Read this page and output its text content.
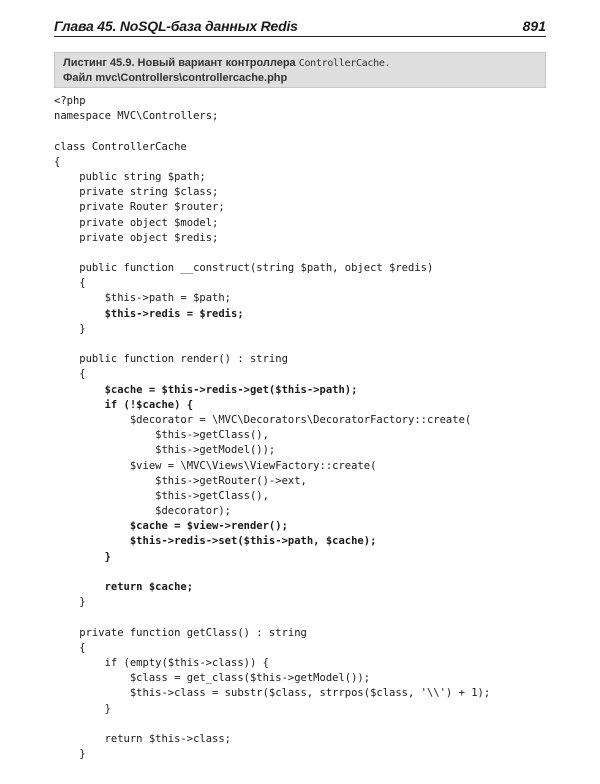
Глава 45. NoSQL-база данных Redis	891
Листинг 45.9. Новый вариант контроллера ControllerCache.
Файл mvc\Controllers\controllercache.php
<?php
namespace MVC\Controllers;
class ControllerCache
{
public string $path;
private string $class;
private Router $router;
private object $model;
private object $redis;
public function __construct(string $path, object $redis)
{
$this->path = $path;
$this->redis = $redis;
}
public function render() : string
{
$cache = $this->redis->get($this->path);
if (!$cache) {
$decorator = \MVC\Decorators\DecoratorFactory::create(
$this->getClass(),
$this->getModel());
$view = \MVC\Views\ViewFactory::create(
$this->getRouter()->ext,
$this->getClass(),
$decorator);
$cache = $view->render();
$this->redis->set($this->path, $cache);
}
return $cache;
}
private function getClass() : string
{
if (empty($this->class)) {
$class = get_class($this->getModel());
$this->class = substr($class, strrpos($class, '\\') + 1);
}
return $this->class;
}
